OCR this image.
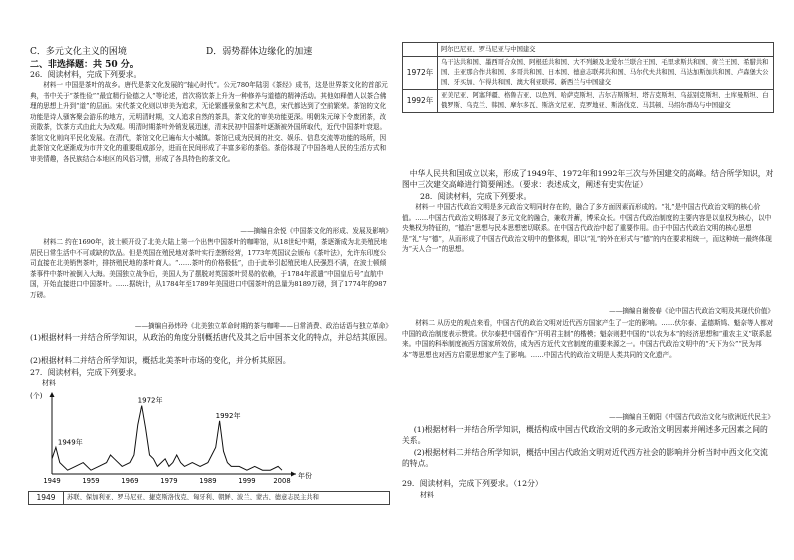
C．多元文化主义的困境	D．弱势群体边缘化的加速

二、非选择题：共 50 分。

26．阅读材料，完成下列要求。

材料一 中国是茶叶的故乡。唐代是茶文化发展的“轴心时代”。公元780年陆羽《茶经》成书，这是世界茶文化的首部元典，书中关于“茶性俭”“最宜精行俭德之人”等论述，首次将饮茶上升为一种修养与道德的精神活动。其他如释僧人以茶合佛理的思想上升到“道”的层面。宋代茶文化则以审美为追求，无论繁盛景象和艺术气息，宋代都达到了空前繁荣。茶馆的文化功能是诗人骚客聚会游乐的地方，元明清时期，文人追求自然的茶具，茶文化的审美功能更深。明朝朱元璋下令废团茶，改贡散茶，饮茶方式由此大为改观。明清时期茶叶外销发展迅速，清末民初中国茶叶逐渐被外国所取代，近代中国茶叶衰退。茶馆文化则向平民化发展。在清代，茶馆文化已遍布大小城镇。茶馆已成为民间的社交、娱乐、信息交流等功能的场所，因此茶馆文化逐渐成为市井文化的重要组成部分，进而在民间形成了丰富多彩的茶俗。茶俗体现了中国各地人民的生活方式和审美情趣，各民族结合本地区的风俗习惯，形成了各具特色的茶文化。

——摘编自余悦《中国茶文化的形成、发展及影响》

材料二 约在1690年，波士顿开设了北美大陆上第一个出售中国茶叶的咖啡馆，从18世纪中期，茶逐渐成为北美殖民地居民日常生活中不可或缺的饮品。但是英国在殖民地对茶叶实行垄断经营，1773年英国议会颁布《茶叶法》，允许东印度公司直接在北美销售茶叶，排挤殖民地的茶叶商人。“……茶叶的价格极低”，由于此举引起殖民地人民强烈不满，在波士顿倾茶事件中茶叶被倒入大海。美国独立战争后，美国人为了摆脱对英国茶叶贸易的依赖，于1784年派遣“中国皇后号”直航中国，开始直接进口中国茶叶。……据统计，从1784年至1789年美国进口中国茶叶的总量为8189万磅，到了1774年的987万磅。

——摘编自孙炜玲《北美独立革命时期的茶与咖啡——日常消费、政治话语与独立革命》

(1)根据材料一并结合所学知识，从政治的角度分别概括唐代及其之后中国茶文化的特点，并总结其原因。

(2)根据材料二并结合所学知识，概括北美茶叶市场的变化，并分析其原因。

27．阅读材料，完成下列要求。

材料

(个)
年份
1949	1959	1969	1979	1989	1999	2008
1949年
1972年
1992年
1949	苏联、保加利亚、罗马尼亚、捷克斯洛伐克、匈牙利、朝鲜、波兰、蒙古、德意志民主共和
	阿尔巴尼亚、罗马尼亚与中国建交
1972年	乌干达共和国、墨西哥合众国、阿根廷共和国、大不列颠及北爱尔兰联合王国、毛里求斯共和国、荷兰王国、希腊共和国、圭亚那合作共和国、多哥共和国、日本国、德意志联邦共和国、马尔代夫共和国、马达加斯加共和国、卢森堡大公国、牙买加、乍得共和国、澳大利亚联邦、新西兰与中国建交
1992年	亚美尼亚、阿塞拜疆、格鲁吉亚、以色列、哈萨克斯坦、吉尔吉斯斯坦、塔吉克斯坦、乌兹别克斯坦、土库曼斯坦、白俄罗斯、乌克兰、韩国、摩尔多瓦、斯洛文尼亚、克罗地亚、斯洛伐克、马其顿、马绍尔群岛与中国建交

中华人民共和国成立以来，形成了1949年、1972年和1992年三次与外国建交的高峰。结合所学知识，对图中三次建交高峰进行简要阐述。（要求：表述成文，阐述有史实佐证）

28．阅读材料，完成下列要求。

材料一 中国古代政治文明是多元政治文明同时存在的，融合了多方面因素而形成的。“礼”是中国古代政治文明的核心价值。……中国古代政治文明体现了多元文化的融合，兼收并蓄，博采众长。中国古代政治制度的主要内容是以皇权为核心，以中央集权为特征的，“德治”思想与民本思想密切联系。在中国古代政治中起了重要作用。由于中国古代政治文明的核心思想是“礼”与“德”，从而形成了中国古代政治文明中的整体观，即以“礼”的外在形式与“德”的内在要求相统一，而这种统一最终体现为“天人合一”的思想。

——摘编自谢俊春《论中国古代政治文明及其现代价值》

材料二 从历史的观点来看，中国古代的政治文明对近代西方国家产生了一定的影响。……伏尔泰、孟德斯鸠、魁奈等人都对中国的政治制度表示赞赏。伏尔泰把中国看作“开明君主制”的楷模；魁奈则把中国的“以农为本”的经济思想和“重农主义”联系起来。中国的科举制度被西方国家所效仿，成为西方近代文官制度的重要来源之一。中国古代政治文明中的“天下为公”“民为邦本”等思想也对西方启蒙思想家产生了影响。……中国古代的政治文明是人类共同的文化遗产。

——摘编自王朝阳《中国古代政治文化与欧洲近代民主》

(1)根据材料一并结合所学知识，概括构成中国古代政治文明的多元政治文明因素并阐述多元因素之间的关系。

(2)根据材料二并结合所学知识，概括中国古代政治文明对近代西方社会的影响并分析当时中西文化交流的特点。

29．阅读材料，完成下列要求。（12分）

材料
